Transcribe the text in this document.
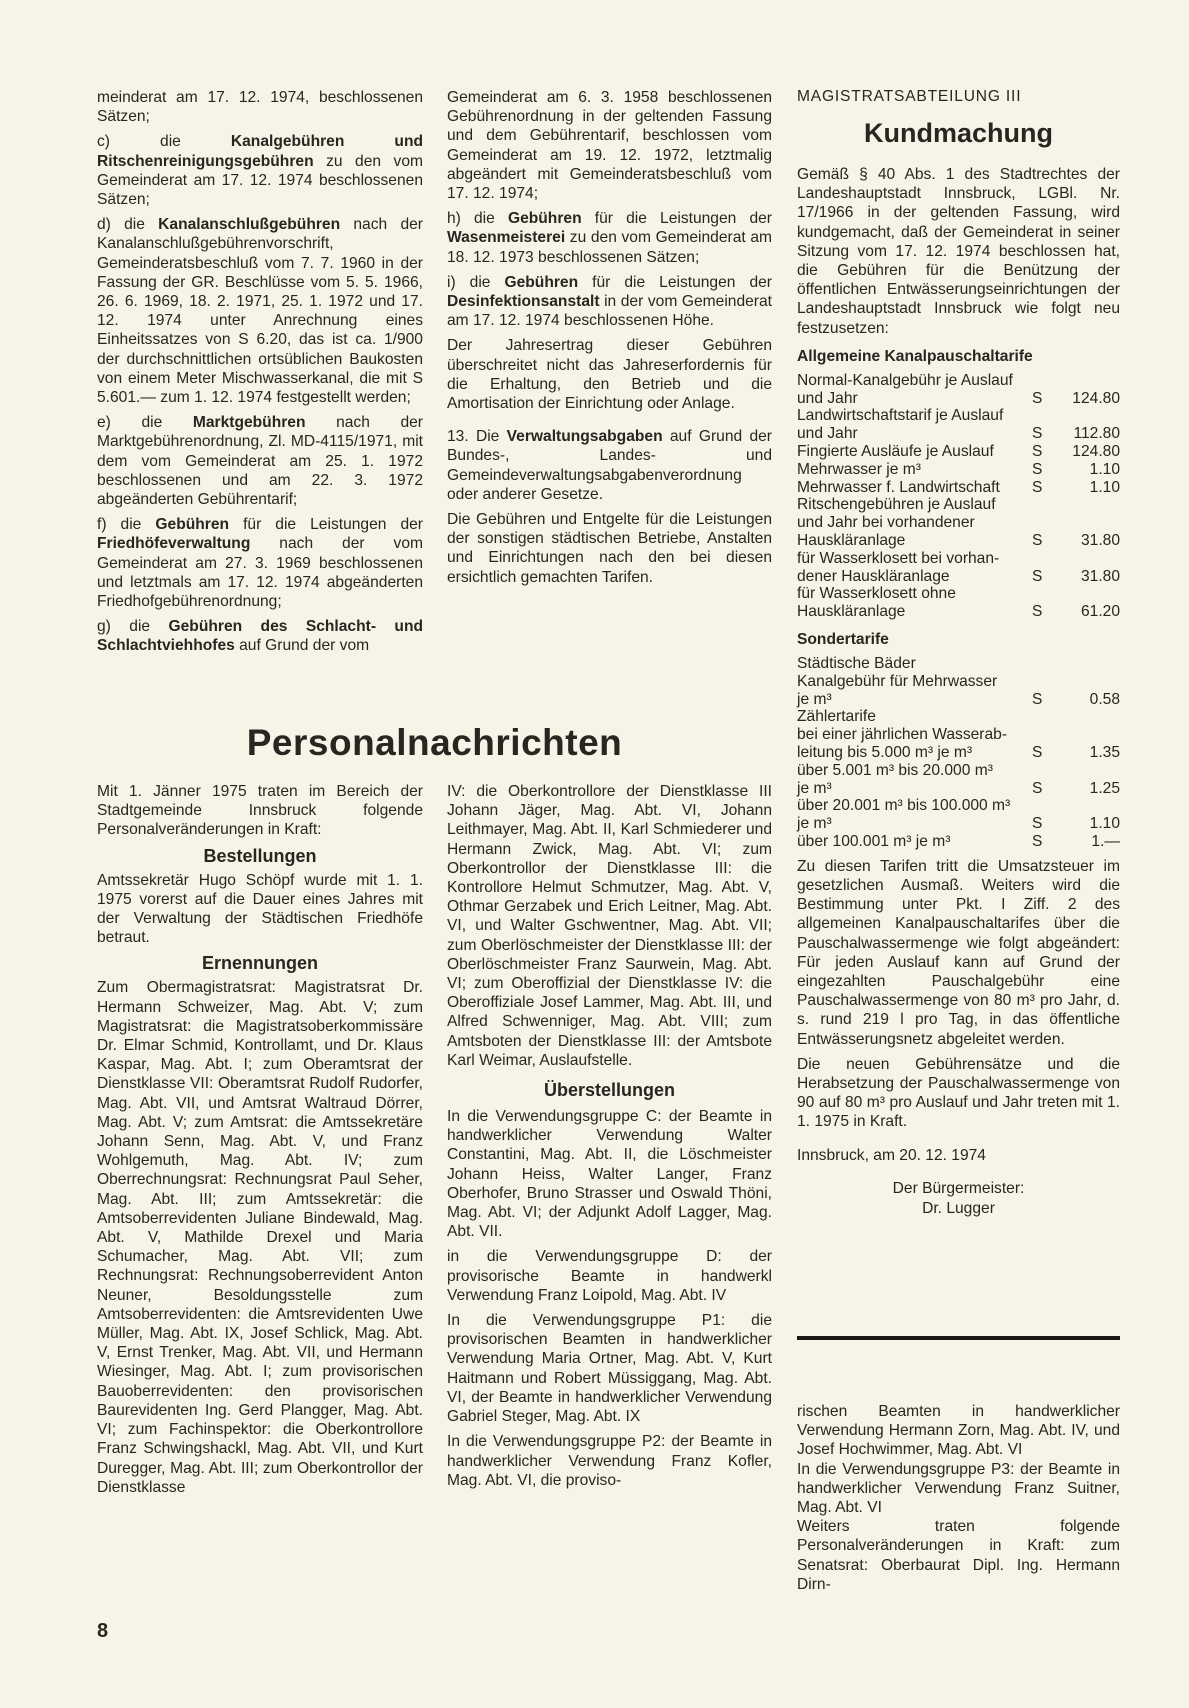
meinderat am 17. 12. 1974, beschlossenen Sätzen;

c) die Kanalgebühren und Ritschenreinigungsgebühren zu den vom Gemeinderat am 17. 12. 1974 beschlossenen Sätzen;

d) die Kanalanschlußgebühren nach der Kanalanschlußgebührenvorschrift, Gemeinderatsbeschluß vom 7. 7. 1960 in der Fassung der GR. Beschlüsse vom 5. 5. 1966, 26. 6. 1969, 18. 2. 1971, 25. 1. 1972 und 17. 12. 1974 unter Anrechnung eines Einheitssatzes von S 6.20, das ist ca. 1/900 der durchschnittlichen ortsüblichen Baukosten von einem Meter Mischwasserkanal, die mit S 5.601.— zum 1. 12. 1974 festgestellt werden;

e) die Marktgebühren nach der Marktgebührenordnung, Zl. MD-4115/1971, mit dem vom Gemeinderat am 25. 1. 1972 beschlossenen und am 22. 3. 1972 abgeänderten Gebührentarif;

f) die Gebühren für die Leistungen der Friedhöfeverwaltung nach der vom Gemeinderat am 27. 3. 1969 beschlossenen und letztmals am 17. 12. 1974 abgeänderten Friedhofgebührenordnung;

g) die Gebühren des Schlacht- und Schlachtviehhofes auf Grund der vom

Gemeinderat am 6. 3. 1958 beschlossenen Gebührenordnung in der geltenden Fassung und dem Gebührentarif, beschlossen vom Gemeinderat am 19. 12. 1972, letztmalig abgeändert mit Gemeinderatsbeschluß vom 17. 12. 1974;

h) die Gebühren für die Leistungen der Wasenmeisterei zu den vom Gemeinderat am 18. 12. 1973 beschlossenen Sätzen;

i) die Gebühren für die Leistungen der Desinfektionsanstalt in der vom Gemeinderat am 17. 12. 1974 beschlossenen Höhe.

Der Jahresertrag dieser Gebühren überschreitet nicht das Jahreserfordernis für die Erhaltung, den Betrieb und die Amortisation der Einrichtung oder Anlage.

13. Die Verwaltungsabgaben auf Grund der Bundes-, Landes- und Gemeindeverwaltungsabgabenverordnung oder anderer Gesetze.

Die Gebühren und Entgelte für die Leistungen der sonstigen städtischen Betriebe, Anstalten und Einrichtungen nach den bei diesen ersichtlich gemachten Tarifen.

MAGISTRATSABTEILUNG III
Kundmachung

Gemäß § 40 Abs. 1 des Stadtrechtes der Landeshauptstadt Innsbruck, LGBl. Nr. 17/1966 in der geltenden Fassung, wird kundgemacht, daß der Gemeinderat in seiner Sitzung vom 17. 12. 1974 beschlossen hat, die Gebühren für die Benützung der öffentlichen Entwässerungseinrichtungen der Landeshauptstadt Innsbruck wie folgt neu festzusetzen:

Allgemeine Kanalpauschaltarife
Normal-Kanalgebühr je Auslauf		
und Jahr	S	124.80
Landwirtschaftstarif je Auslauf		
und Jahr	S	112.80
Fingierte Ausläufe je Auslauf	S	124.80
Mehrwasser je m³	S	1.10
Mehrwasser f. Landwirtschaft	S	1.10
Ritschengebühren je Auslauf		
und Jahr bei vorhandener		
Hauskläranlage	S	31.80
für Wasserklosett bei vorhan-		
dener Hauskläranlage	S	31.80
für Wasserklosett ohne		
Hauskläranlage	S	61.20
Sondertarife
Städtische Bäder		
Kanalgebühr für Mehrwasser		
je m³	S	0.58
Zählertarife		
bei einer jährlichen Wasserab-		
leitung bis 5.000 m³ je m³	S	1.35
über 5.001 m³ bis 20.000 m³		
je m³	S	1.25
über 20.001 m³ bis 100.000 m³		
je m³	S	1.10
über 100.001 m³ je m³	S	1.—

Zu diesen Tarifen tritt die Umsatzsteuer im gesetzlichen Ausmaß. Weiters wird die Bestimmung unter Pkt. I Ziff. 2 des allgemeinen Kanalpauschaltarifes über die Pauschalwassermenge wie folgt abgeändert: Für jeden Auslauf kann auf Grund der eingezahlten Pauschalgebühr eine Pauschalwassermenge von 80 m³ pro Jahr, d. s. rund 219 l pro Tag, in das öffentliche Entwässerungsnetz abgeleitet werden.

Die neuen Gebührensätze und die Herabsetzung der Pauschalwassermenge von 90 auf 80 m³ pro Auslauf und Jahr treten mit 1. 1. 1975 in Kraft.

Innsbruck, am 20. 12. 1974

Der Bürgermeister:
Dr. Lugger
Personalnachrichten

Mit 1. Jänner 1975 traten im Bereich der Stadtgemeinde Innsbruck folgende Personalveränderungen in Kraft:

Bestellungen

Amtssekretär Hugo Schöpf wurde mit 1. 1. 1975 vorerst auf die Dauer eines Jahres mit der Verwaltung der Städtischen Friedhöfe betraut.

Ernennungen

Zum Obermagistratsrat: Magistratsrat Dr. Hermann Schweizer, Mag. Abt. V; zum Magistratsrat: die Magistratsoberkommissäre Dr. Elmar Schmid, Kontrollamt, und Dr. Klaus Kaspar, Mag. Abt. I; zum Oberamtsrat der Dienstklasse VII: Oberamtsrat Rudolf Rudorfer, Mag. Abt. VII, und Amtsrat Waltraud Dörrer, Mag. Abt. V; zum Amtsrat: die Amtssekretäre Johann Senn, Mag. Abt. V, und Franz Wohlgemuth, Mag. Abt. IV; zum Oberrechnungsrat: Rechnungsrat Paul Seher, Mag. Abt. III; zum Amtssekretär: die Amtsoberrevidenten Juliane Bindewald, Mag. Abt. V, Mathilde Drexel und Maria Schumacher, Mag. Abt. VII; zum Rechnungsrat: Rechnungsoberrevident Anton Neuner, Besoldungsstelle zum Amtsoberrevidenten: die Amtsrevidenten Uwe Müller, Mag. Abt. IX, Josef Schlick, Mag. Abt. V, Ernst Trenker, Mag. Abt. VII, und Hermann Wiesinger, Mag. Abt. I; zum provisorischen Bauoberrevidenten: den provisorischen Baurevidenten Ing. Gerd Plangger, Mag. Abt. VI; zum Fachinspektor: die Oberkontrollore Franz Schwingshackl, Mag. Abt. VII, und Kurt Duregger, Mag. Abt. III; zum Oberkontrollor der Dienstklasse

IV: die Oberkontrollore der Dienstklasse III Johann Jäger, Mag. Abt. VI, Johann Leithmayer, Mag. Abt. II, Karl Schmiederer und Hermann Zwick, Mag. Abt. VI; zum Oberkontrollor der Dienstklasse III: die Kontrollore Helmut Schmutzer, Mag. Abt. V, Othmar Gerzabek und Erich Leitner, Mag. Abt. VI, und Walter Gschwentner, Mag. Abt. VII; zum Oberlöschmeister der Dienstklasse III: der Oberlöschmeister Franz Saurwein, Mag. Abt. VI; zum Oberoffizial der Dienstklasse IV: die Oberoffiziale Josef Lammer, Mag. Abt. III, und Alfred Schwenniger, Mag. Abt. VIII; zum Amtsboten der Dienstklasse III: der Amtsbote Karl Weimar, Auslaufstelle.

Überstellungen

In die Verwendungsgruppe C: der Beamte in handwerklicher Verwendung Walter Constantini, Mag. Abt. II, die Löschmeister Johann Heiss, Walter Langer, Franz Oberhofer, Bruno Strasser und Oswald Thöni, Mag. Abt. VI; der Adjunkt Adolf Lagger, Mag. Abt. VII.

in die Verwendungsgruppe D: der provisorische Beamte in handwerkl Verwendung Franz Loipold, Mag. Abt. IV

In die Verwendungsgruppe P1: die provisorischen Beamten in handwerklicher Verwendung Maria Ortner, Mag. Abt. V, Kurt Haitmann und Robert Müssiggang, Mag. Abt. VI, der Beamte in handwerklicher Verwendung Gabriel Steger, Mag. Abt. IX

In die Verwendungsgruppe P2: der Beamte in handwerklicher Verwendung Franz Kofler, Mag. Abt. VI, die proviso-

rischen Beamten in handwerklicher Verwendung Hermann Zorn, Mag. Abt. IV, und Josef Hochwimmer, Mag. Abt. VI

In die Verwendungsgruppe P3: der Beamte in handwerklicher Verwendung Franz Suitner, Mag. Abt. VI

Weiters traten folgende Personalveränderungen in Kraft: zum Senatsrat: Oberbaurat Dipl. Ing. Hermann Dirn-

8
